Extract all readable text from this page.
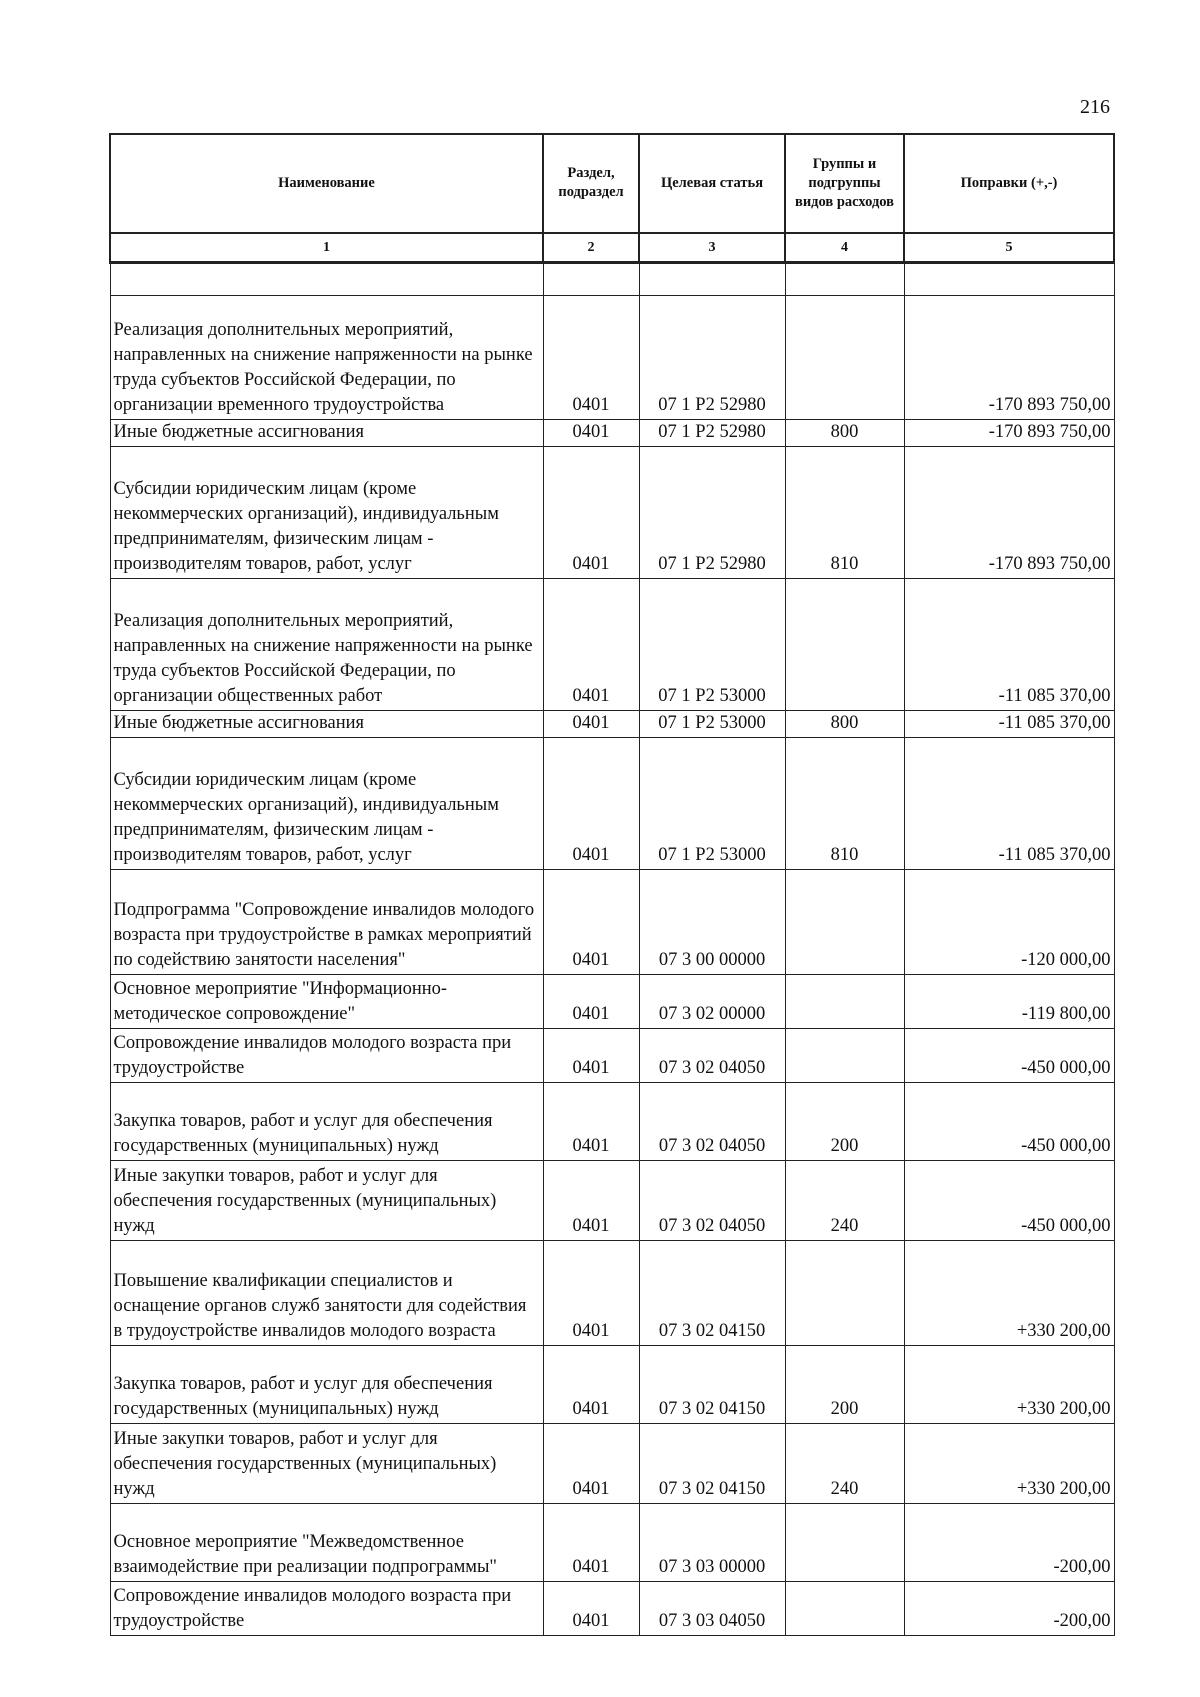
216
Наименование	Раздел, подраздел	Целевая статья	Группы и подгруппы видов расходов	Поправки (+,-)
1	2	3	4	5

Реализация дополнительных мероприятий, направленных на снижение напряженности на рынке труда субъектов Российской Федерации, по организации временного трудоустройства	0401	07 1 Р2 52980		-170 893 750,00
Иные бюджетные ассигнования	0401	07 1 Р2 52980	800	-170 893 750,00
Субсидии юридическим лицам (кроме некоммерческих организаций), индивидуальным предпринимателям, физическим лицам - производителям товаров, работ, услуг	0401	07 1 Р2 52980	810	-170 893 750,00
Реализация дополнительных мероприятий, направленных на снижение напряженности на рынке труда субъектов Российской Федерации, по организации общественных работ	0401	07 1 Р2 53000		-11 085 370,00
Иные бюджетные ассигнования	0401	07 1 Р2 53000	800	-11 085 370,00
Субсидии юридическим лицам (кроме некоммерческих организаций), индивидуальным предпринимателям, физическим лицам - производителям товаров, работ, услуг	0401	07 1 Р2 53000	810	-11 085 370,00
Подпрограмма "Сопровождение инвалидов молодого возраста при трудоустройстве в рамках мероприятий по содействию занятости населения"	0401	07 3 00 00000		-120 000,00
Основное мероприятие "Информационно-методическое сопровождение"	0401	07 3 02 00000		-119 800,00
Сопровождение инвалидов молодого возраста при трудоустройстве	0401	07 3 02 04050		-450 000,00
Закупка товаров, работ и услуг для обеспечения государственных (муниципальных) нужд	0401	07 3 02 04050	200	-450 000,00
Иные закупки товаров, работ и услуг для обеспечения государственных (муниципальных) нужд	0401	07 3 02 04050	240	-450 000,00
Повышение квалификации специалистов и оснащение органов служб занятости для содействия в трудоустройстве инвалидов молодого возраста	0401	07 3 02 04150		+330 200,00
Закупка товаров, работ и услуг для обеспечения государственных (муниципальных) нужд	0401	07 3 02 04150	200	+330 200,00
Иные закупки товаров, работ и услуг для обеспечения государственных (муниципальных) нужд	0401	07 3 02 04150	240	+330 200,00
Основное мероприятие "Межведомственное взаимодействие при реализации подпрограммы"	0401	07 3 03 00000		-200,00
Сопровождение инвалидов молодого возраста при трудоустройстве	0401	07 3 03 04050		-200,00
